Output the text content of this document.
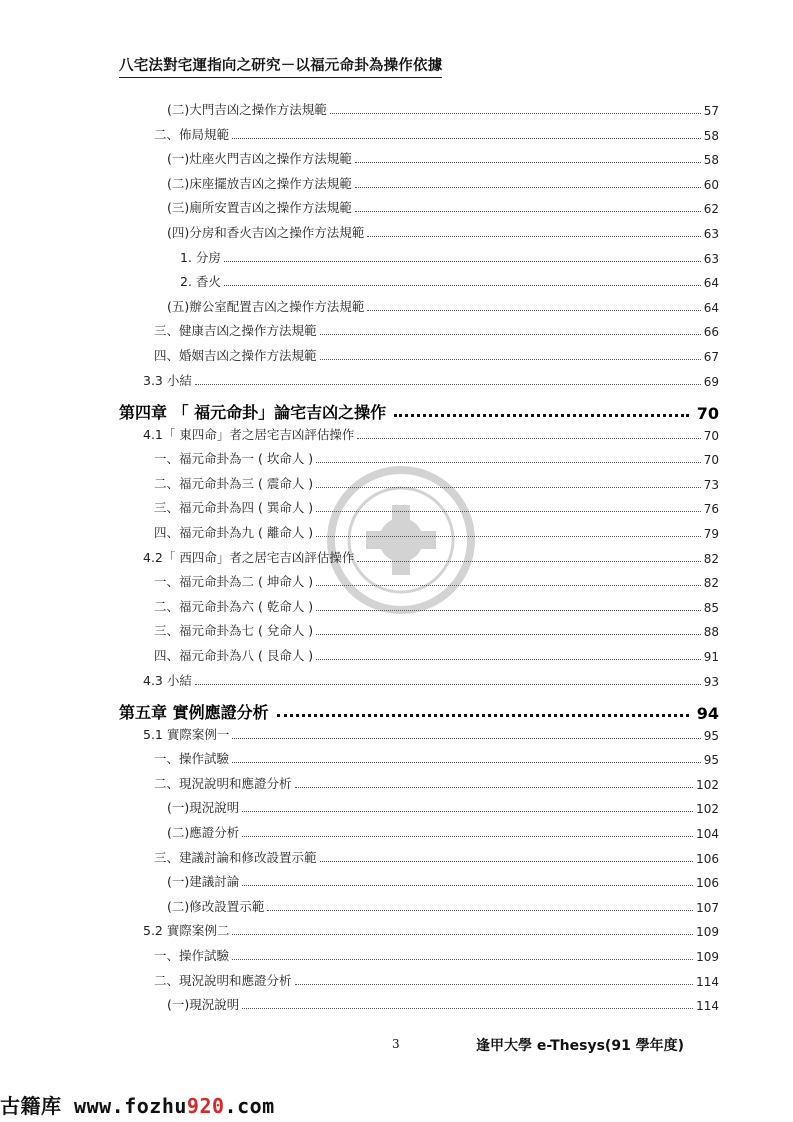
八宅法對宅運指向之研究－以福元命卦為操作依據
(二)大門吉凶之操作方法規範	57
二、佈局規範	58
(一)灶座火門吉凶之操作方法規範	58
(二)床座擺放吉凶之操作方法規範	60
(三)廁所安置吉凶之操作方法規範	62
(四)分房和香火吉凶之操作方法規範	63
1. 分房	63
2. 香火	64
(五)辦公室配置吉凶之操作方法規範	64
三、健康吉凶之操作方法規範	66
四、婚姻吉凶之操作方法規範	67
3.3 小結	69
第四章 「 福元命卦」論宅吉凶之操作	70
4.1「 東四命」者之居宅吉凶評估操作	70
一、福元命卦為一 ( 坎命人 )	70
二、福元命卦為三 ( 震命人 )	73
三、福元命卦為四 ( 巽命人 )	76
四、福元命卦為九 ( 離命人 )	79
4.2「 西四命」者之居宅吉凶評估操作	82
一、福元命卦為二 ( 坤命人 )	82
二、福元命卦為六 ( 乾命人 )	85
三、福元命卦為七 ( 兌命人 )	88
四、福元命卦為八 ( 艮命人 )	91
4.3 小結	93
第五章 實例應證分析	94
5.1 實際案例一	95
一、操作試驗	95
二、現況說明和應證分析	102
(一)現況說明	102
(二)應證分析	104
三、建議討論和修改設置示範	106
(一)建議討論	106
(二)修改設置示範	107
5.2 實際案例二	109
一、操作試驗	109
二、現況說明和應證分析	114
(一)現況說明	114
3	逢甲大學 e-Thesys(91 學年度)
古籍库 www.fozhu920.com
